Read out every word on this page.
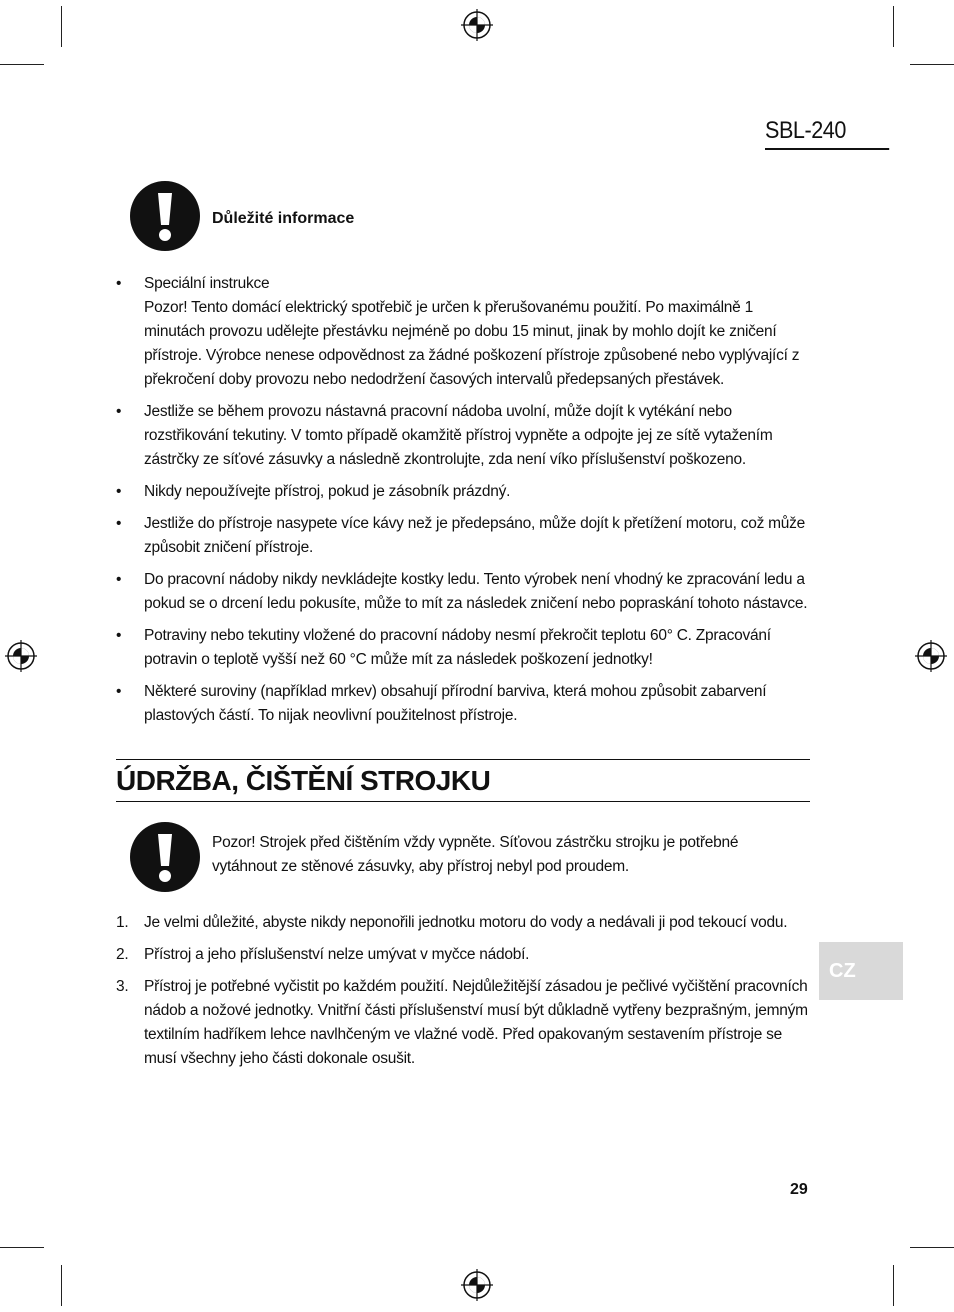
SBL-240
Důležité informace
• Speciální instrukce
Pozor! Tento domácí elektrický spotřebič je určen k přerušovanému použití. Po maximálně 1 minutách provozu udělejte přestávku nejméně po dobu 15 minut, jinak by mohlo dojít ke zničení přístroje. Výrobce nenese odpovědnost za žádné poškození přístroje způsobené nebo vyplývající z překročení doby provozu nebo nedodržení časových intervalů předepsaných přestávek.
• Jestliže se během provozu nástavná pracovní nádoba uvolní, může dojít k vytékání nebo rozstřikování tekutiny. V tomto případě okamžitě přístroj vypněte a odpojte jej ze sítě vytažením zástrčky ze síťové zásuvky a následně zkontrolujte, zda není víko příslušenství poškozeno.
• Nikdy nepoužívejte přístroj, pokud je zásobník prázdný.
• Jestliže do přístroje nasypete více kávy než je předepsáno, může dojít k přetížení motoru, což může způsobit zničení přístroje.
• Do pracovní nádoby nikdy nevkládejte kostky ledu. Tento výrobek není vhodný ke zpracování ledu a pokud se o drcení ledu pokusíte, může to mít za následek zničení nebo popraskání tohoto nástavce.
• Potraviny nebo tekutiny vložené do pracovní nádoby nesmí překročit teplotu 60° C. Zpracování potravin o teplotě vyšší než 60 °C může mít za následek poškození jednotky!
• Některé suroviny (například mrkev) obsahují přírodní barviva, která mohou způsobit zabarvení plastových částí. To nijak neovlivní použitelnost přístroje.
ÚDRŽBA, ČIŠTĚNÍ STROJKU
Pozor! Strojek před čištěním vždy vypněte. Síťovou zástrčku strojku je potřebné vytáhnout ze stěnové zásuvky, aby přístroj nebyl pod proudem.
1. Je velmi důležité, abyste nikdy neponořili jednotku motoru do vody a nedávali ji pod tekoucí vodu.
2. Přístroj a jeho příslušenství nelze umývat v myčce nádobí.
3. Přístroj je potřebné vyčistit po každém použití. Nejdůležitější zásadou je pečlivé vyčištění pracovních nádob a nožové jednotky. Vnitřní části příslušenství musí být důkladně vytřeny bezprašným, jemným textilním hadříkem lehce navlhčeným ve vlažné vodě. Před opakovaným sestavením přístroje se musí všechny jeho části dokonale osušit.
CZ
29
